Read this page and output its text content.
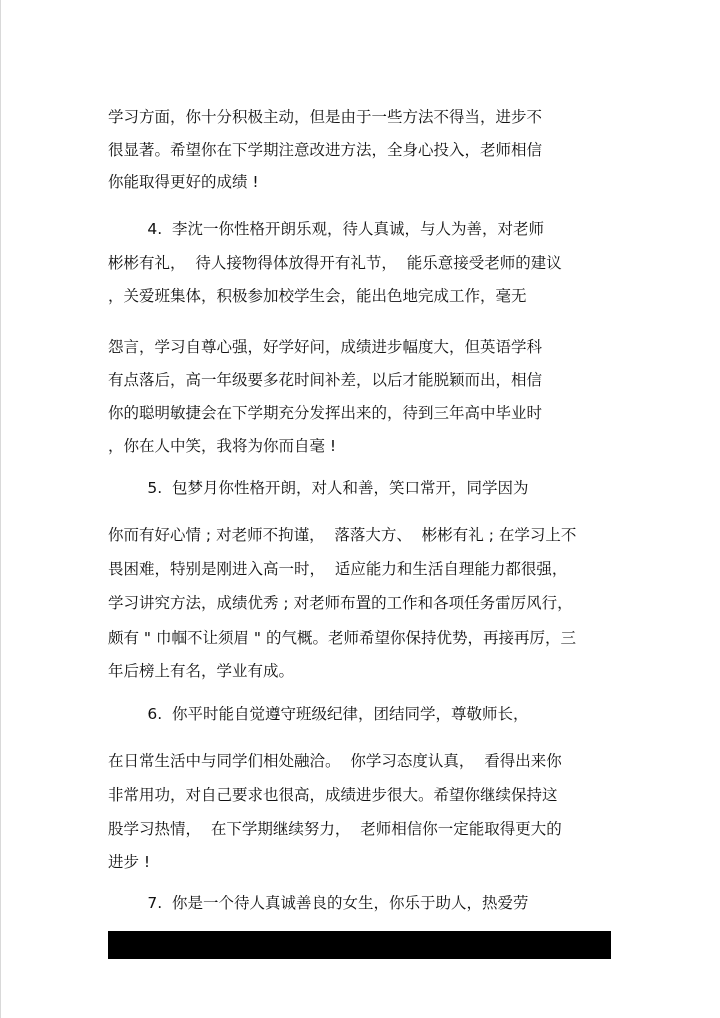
学习方面，你十分积极主动，但是由于一些方法不得当，进步不
很显著。希望你在下学期注意改进方法，全身心投入，老师相信
你能取得更好的成绩 !
4.  李沈一你性格开朗乐观，待人真诚，与人为善，对老师
彬彬有礼，  待人接物得体放得开有礼节，  能乐意接受老师的建议
，关爱班集体，积极参加校学生会，能出色地完成工作，毫无
怨言，学习自尊心强，好学好问，成绩进步幅度大，但英语学科
有点落后，高一年级要多花时间补差，以后才能脱颖而出，相信
你的聪明敏捷会在下学期充分发挥出来的，待到三年高中毕业时
，你在人中笑，我将为你而自毫 !
5.  包梦月你性格开朗，对人和善，笑口常开，同学因为
你而有好心情 ; 对老师不拘谨，  落落大方、  彬彬有礼 ; 在学习上不
畏困难，特别是刚进入高一时，  适应能力和生活自理能力都很强，
学习讲究方法，成绩优秀 ; 对老师布置的工作和各项任务雷厉风行，
颇有 " 巾帼不让须眉 " 的气概。老师希望你保持优势，再接再厉，三
年后榜上有名，学业有成。
6.  你平时能自觉遵守班级纪律，团结同学，尊敬师长，
在日常生活中与同学们相处融洽。  你学习态度认真，  看得出来你
非常用功，对自己要求也很高，成绩进步很大。希望你继续保持这
股学习热情，  在下学期继续努力，  老师相信你一定能取得更大的
进步 !
7.  你是一个待人真诚善良的女生，你乐于助人，热爱劳
